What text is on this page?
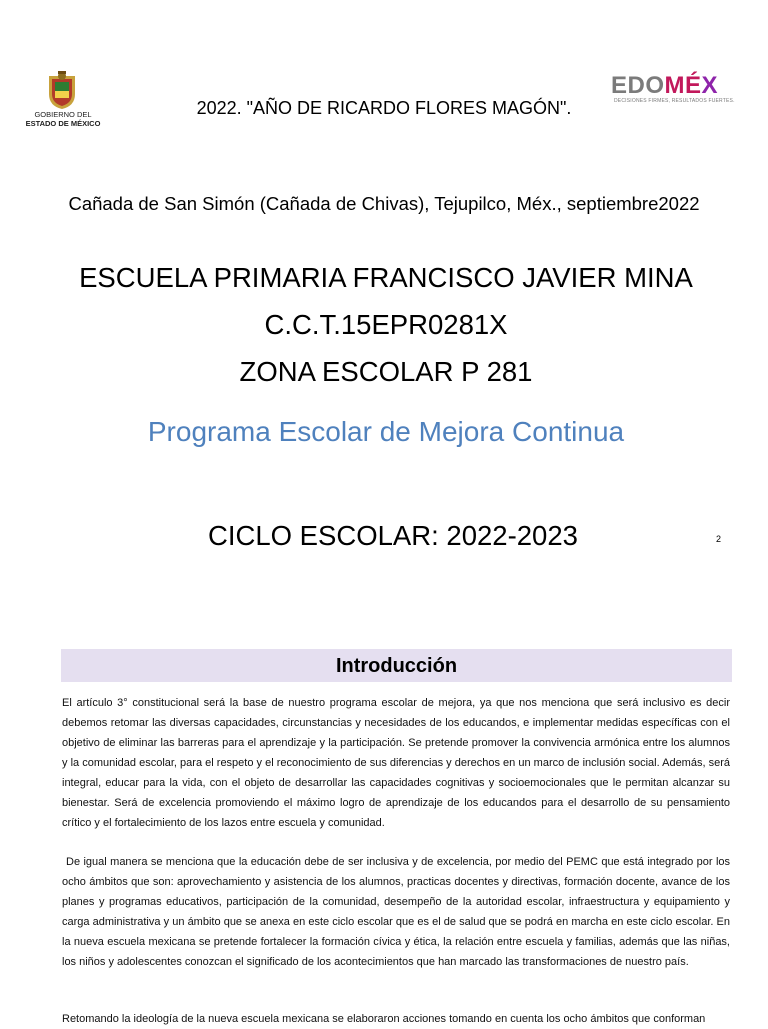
GOBIERNO DEL
ESTADO DE MÉXICO
EDOMÉX
DECISIONES FIRMES, RESULTADOS FUERTES.
2022. "AÑO DE RICARDO FLORES MAGÓN".
Cañada de San Simón (Cañada de Chivas), Tejupilco, Méx., septiembre2022
ESCUELA PRIMARIA FRANCISCO JAVIER MINA
C.C.T.15EPR0281X
ZONA ESCOLAR P 281
Programa Escolar de Mejora Continua
CICLO ESCOLAR: 2022-2023	2
Introducción
El artículo 3° constitucional será la base de nuestro programa escolar de mejora, ya que nos menciona que será inclusivo es decir debemos retomar las diversas capacidades, circunstancias y necesidades de los educandos, e implementar medidas específicas con el objetivo de eliminar las barreras para el aprendizaje y la participación. Se pretende promover la convivencia armónica entre los alumnos y la comunidad escolar, para el respeto y el reconocimiento de sus diferencias y derechos en un marco de inclusión social. Además, será integral, educar para la vida, con el objeto de desarrollar las capacidades cognitivas y socioemocionales que le permitan alcanzar su bienestar. Será de excelencia promoviendo el máximo logro de aprendizaje de los educandos para el desarrollo de su pensamiento crítico y el fortalecimiento de los lazos entre escuela y comunidad.
De igual manera se menciona que la educación debe de ser inclusiva y de excelencia, por medio del PEMC que está integrado por los ocho ámbitos que son: aprovechamiento y asistencia de los alumnos, practicas docentes y directivas, formación docente, avance de los planes y programas educativos, participación de la comunidad, desempeño de la autoridad escolar, infraestructura y equipamiento y carga administrativa y un ámbito que se anexa en este ciclo escolar que es el de salud que se podrá en marcha en este ciclo escolar. En la nueva escuela mexicana se pretende fortalecer la formación cívica y ética, la relación entre escuela y familias, además que las niñas, los niños y adolescentes conozcan el significado de los acontecimientos que han marcado las transformaciones de nuestro país.
Retomando la ideología de la nueva escuela mexicana se elaboraron acciones tomando en cuenta los ocho ámbitos que conforman
